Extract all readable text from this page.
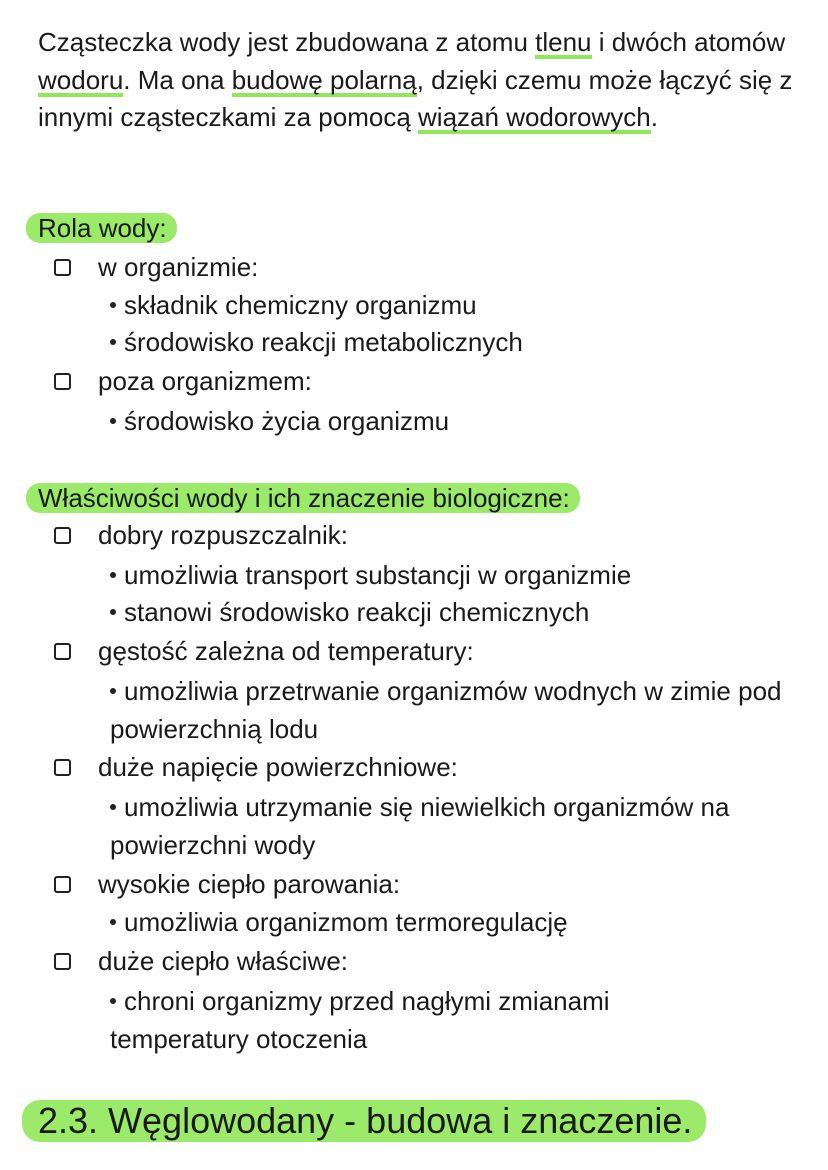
Cząsteczka wody jest zbudowana z atomu tlenu i dwóch atomów wodoru. Ma ona budowę polarną, dzięki czemu może łączyć się z innymi cząsteczkami za pomocą wiązań wodorowych.

Rola wody:
w organizmie:
składnik chemiczny organizmu
środowisko reakcji metabolicznych
poza organizmem:
środowisko życia organizmu
Właściwości wody i ich znaczenie biologiczne:
dobry rozpuszczalnik:
umożliwia transport substancji w organizmie
stanowi środowisko reakcji chemicznych
gęstość zależna od temperatury:
umożliwia przetrwanie organizmów wodnych w zimie pod powierzchnią lodu
duże napięcie powierzchniowe:
umożliwia utrzymanie się niewielkich organizmów na powierzchni wody
wysokie ciepło parowania:
umożliwia organizmom termoregulację
duże ciepło właściwe:
chroni organizmy przed nagłymi zmianami temperatury otoczenia
2.3. Węglowodany - budowa i znaczenie.
